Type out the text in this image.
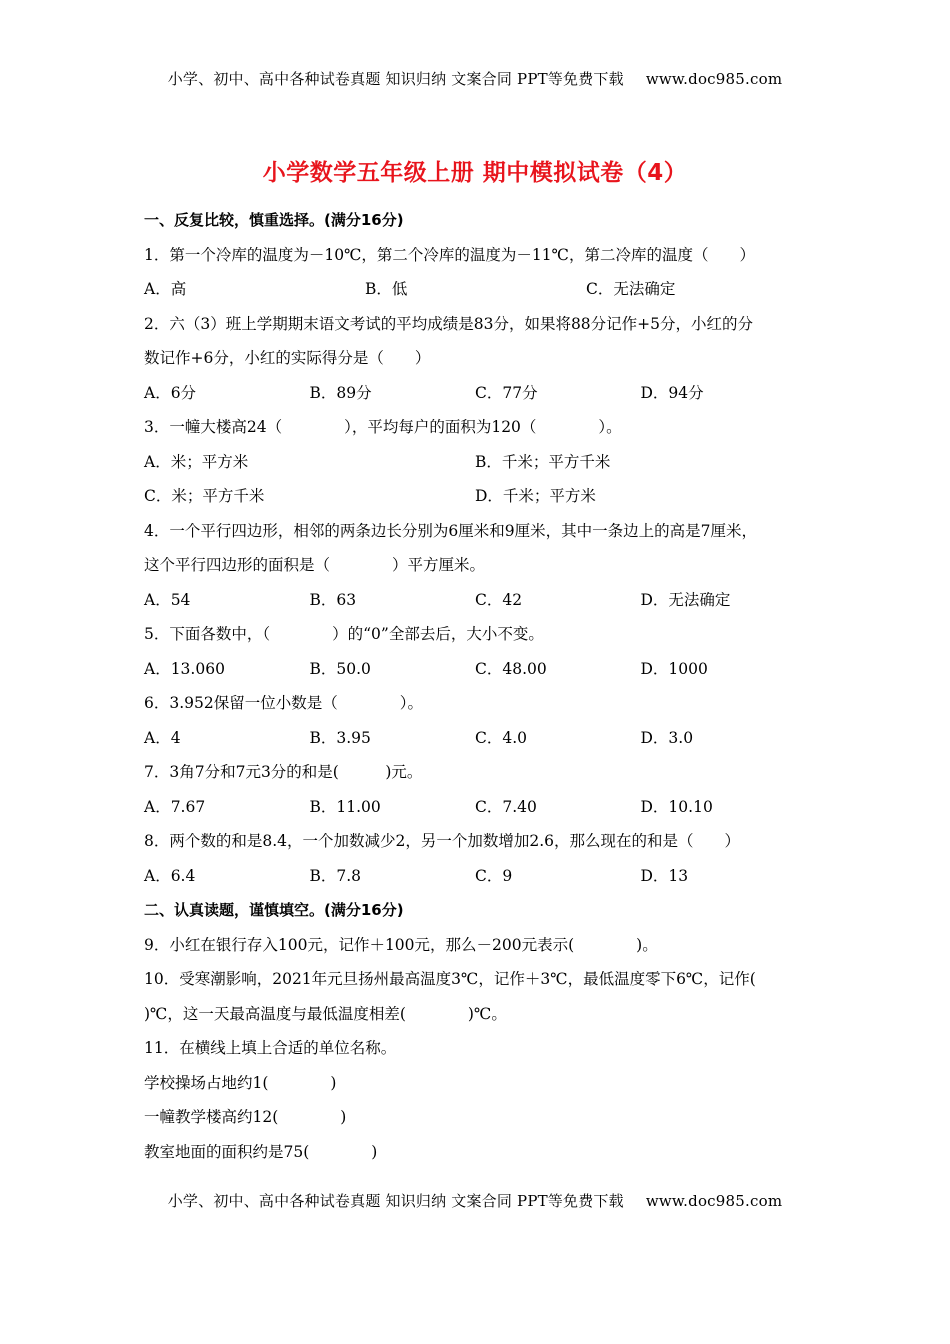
小学、初中、高中各种试卷真题 知识归纳 文案合同 PPT等免费下载 www.doc985.com
小学数学五年级上册 期中模拟试卷（4）
一、反复比较，慎重选择。(满分16分)
1．第一个冷库的温度为－10℃，第二个冷库的温度为－11℃，第二冷库的温度（　　）
A．高	B．低	C．无法确定
2．六（3）班上学期期末语文考试的平均成绩是83分，如果将88分记作+5分，小红的分
数记作+6分，小红的实际得分是（　　）
A．6分	B．89分	C．77分	D．94分
3．一幢大楼高24（　　　　），平均每户的面积为120（　　　　）。
A．米；平方米	B．千米；平方千米
C．米；平方千米	D．千米；平方米
4．一个平行四边形，相邻的两条边长分别为6厘米和9厘米，其中一条边上的高是7厘米，
这个平行四边形的面积是（　　　　）平方厘米。
A．54	B．63	C．42	D．无法确定
5．下面各数中，（　　　　）的“0”全部去后，大小不变。
A．13.060	B．50.0	C．48.00	D．1000
6．3.952保留一位小数是（　　　　）。
A．4	B．3.95	C．4.0	D．3.0
7．3角7分和7元3分的和是(　　　)元。
A．7.67	B．11.00	C．7.40	D．10.10
8．两个数的和是8.4，一个加数减少2，另一个加数增加2.6，那么现在的和是（　　）
A．6.4	B．7.8	C．9	D．13
二、认真读题，谨慎填空。(满分16分)
9．小红在银行存入100元，记作＋100元，那么－200元表示(　　　　)。
10．受寒潮影响，2021年元旦扬州最高温度3℃，记作＋3℃，最低温度零下6℃，记作(
)℃，这一天最高温度与最低温度相差(　　　　)℃。
11．在横线上填上合适的单位名称。
学校操场占地约1(　　　　)
一幢教学楼高约12(　　　　)
教室地面的面积约是75(　　　　)
小学、初中、高中各种试卷真题 知识归纳 文案合同 PPT等免费下载 www.doc985.com
